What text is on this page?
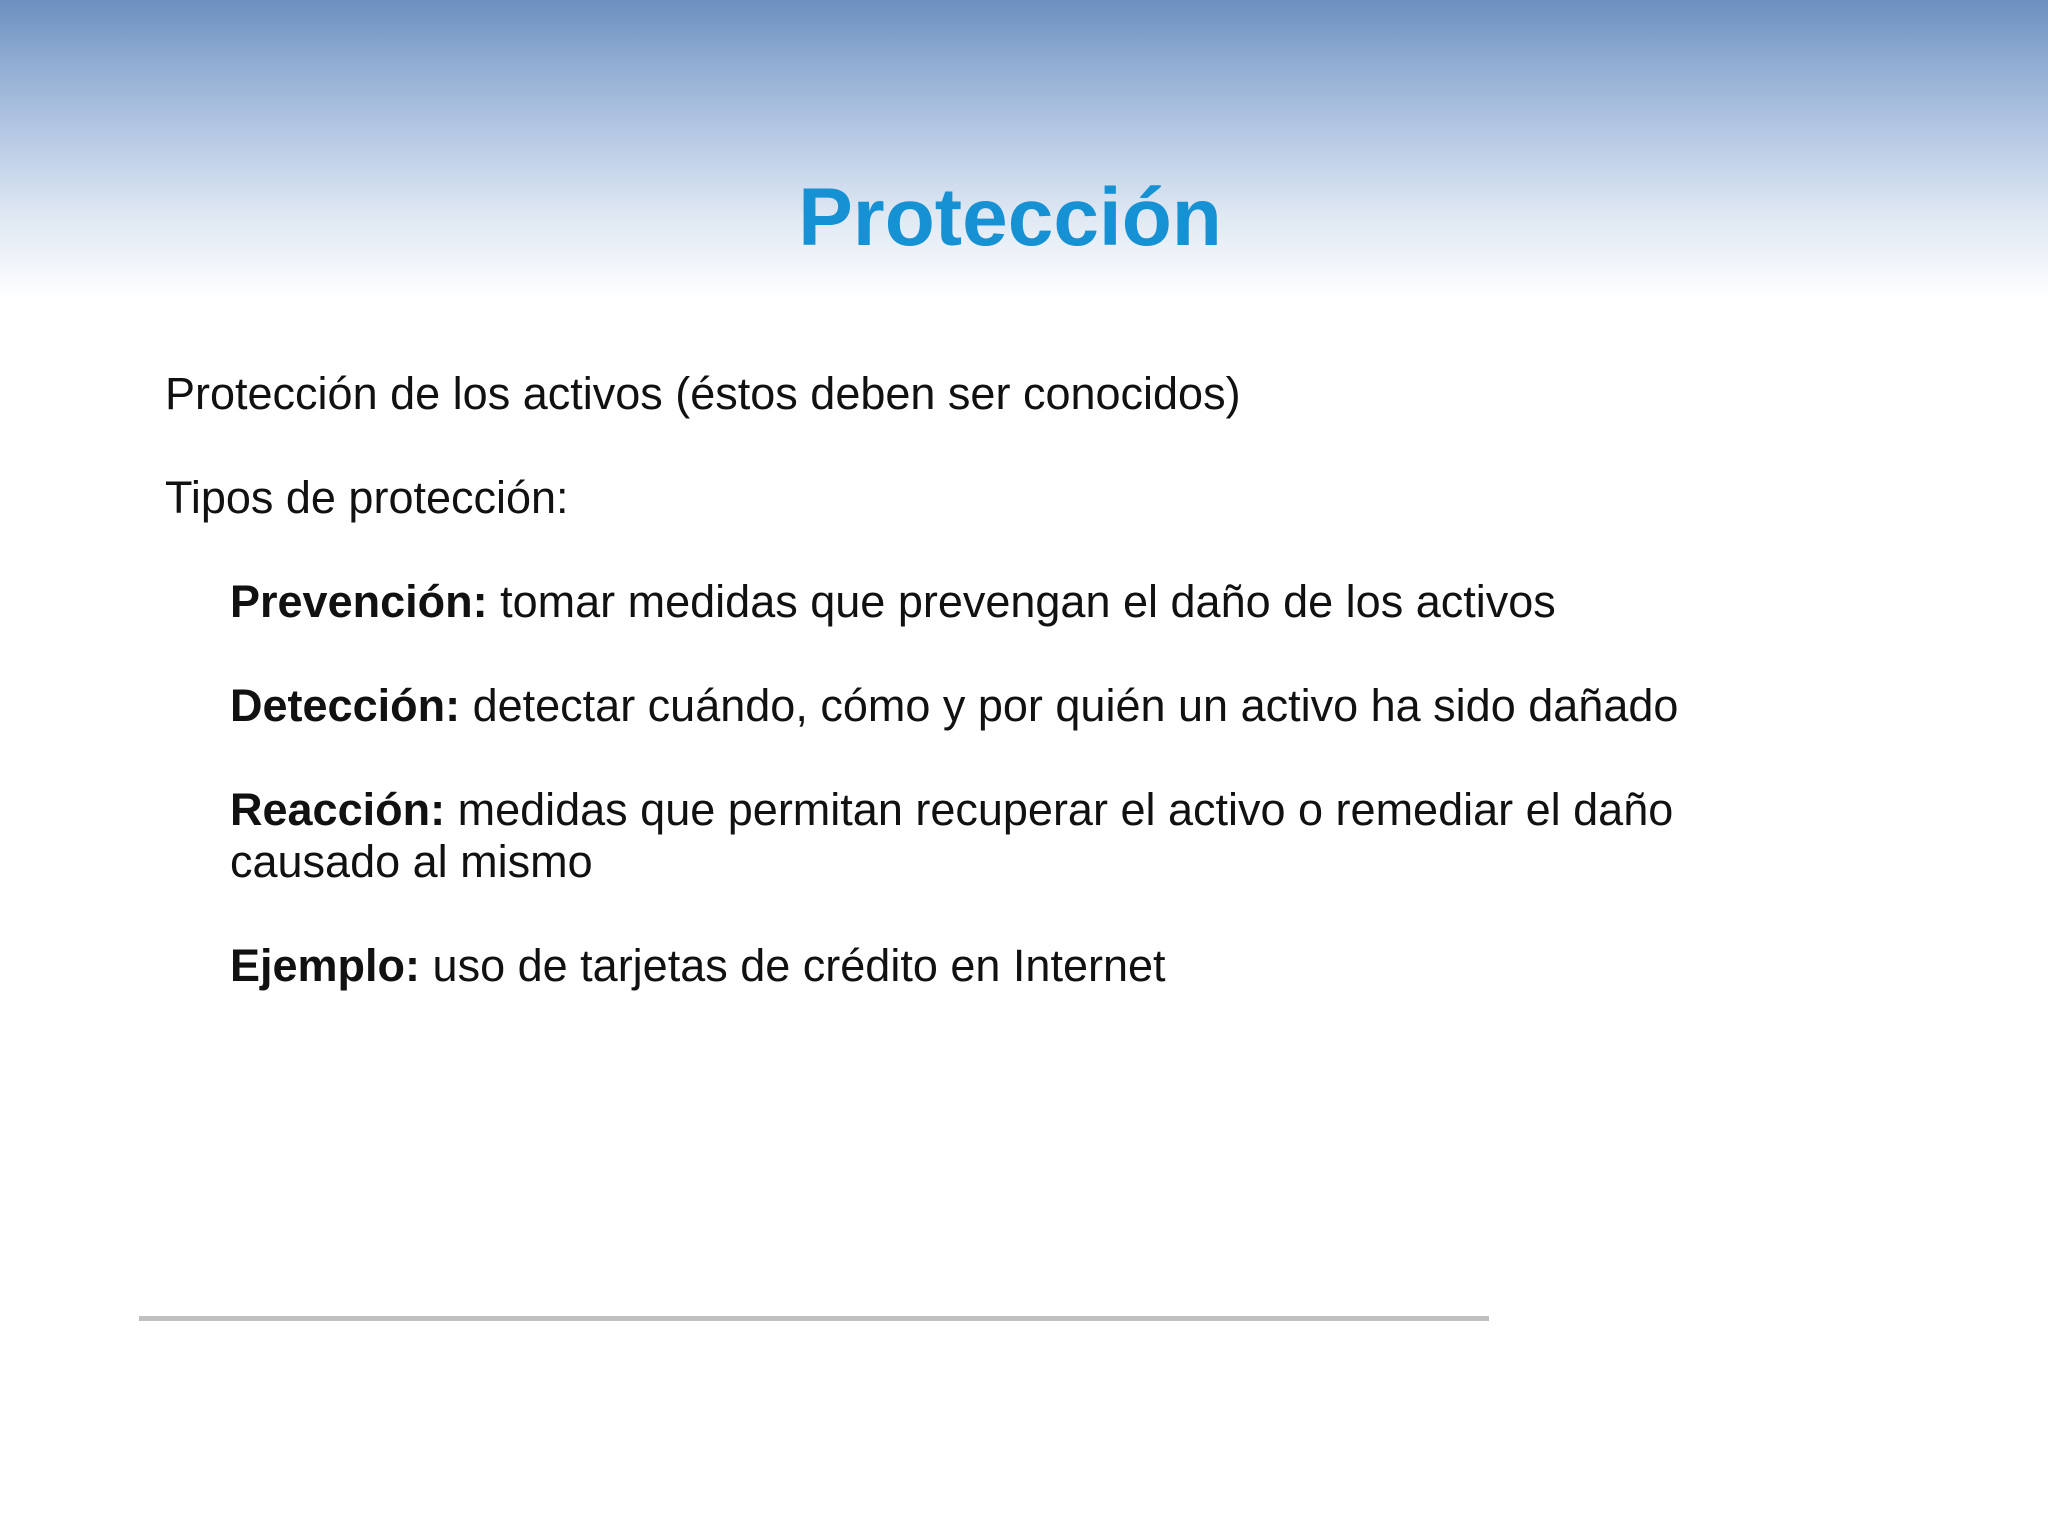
Protección

Protección de los activos (éstos deben ser conocidos)

Tipos de protección:

Prevención: tomar medidas que prevengan el daño de los activos

Detección: detectar cuándo, cómo y por quién un activo ha sido dañado

Reacción: medidas que permitan recuperar el activo o remediar el daño causado al mismo

Ejemplo: uso de tarjetas de crédito en Internet
